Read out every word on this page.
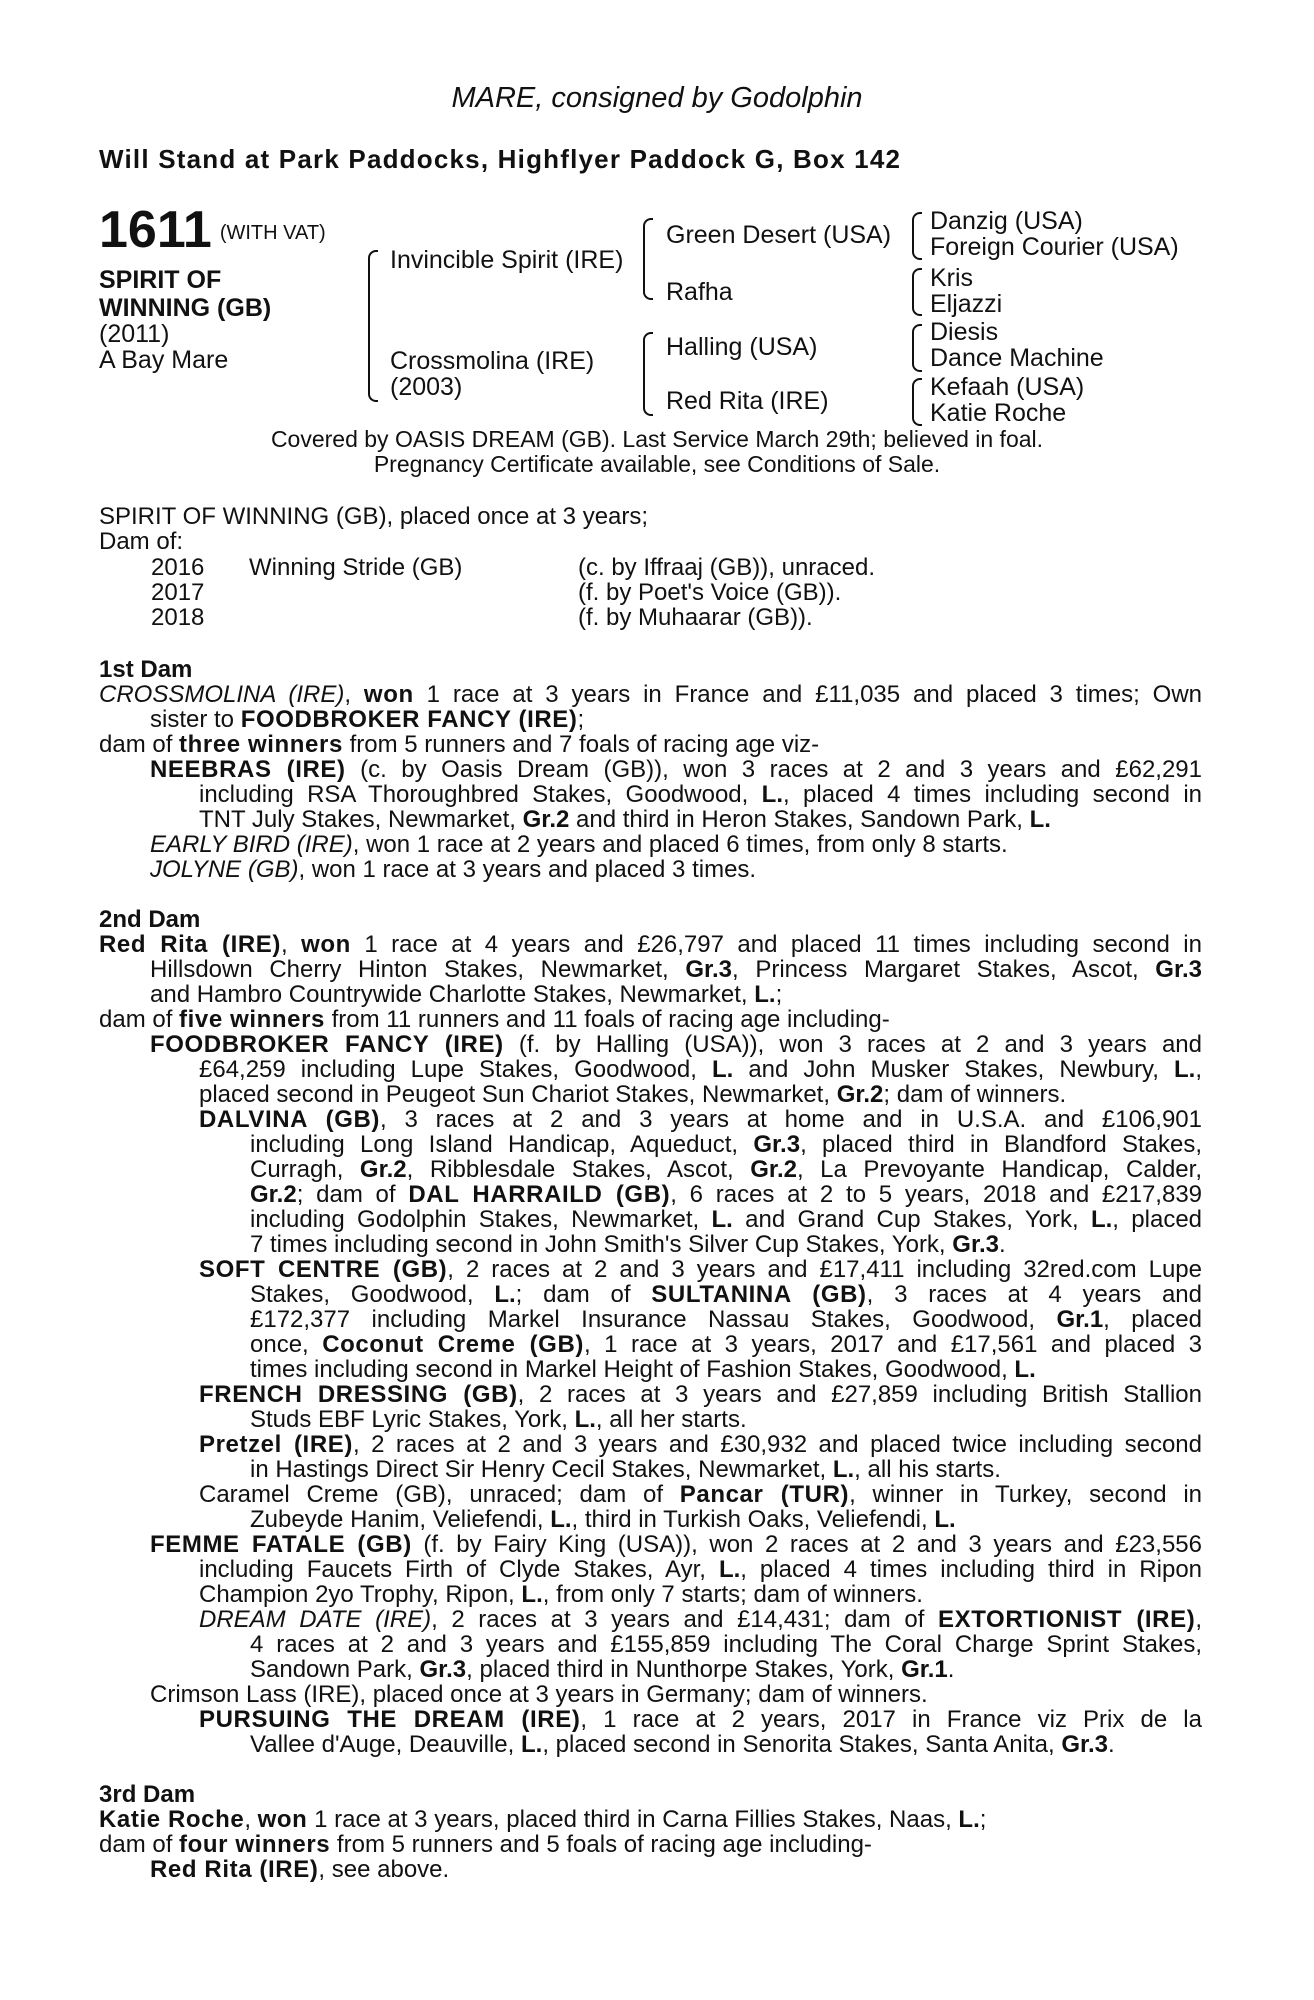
MARE, consigned by Godolphin
Will Stand at Park Paddocks, Highflyer Paddock G, Box 142
1611 (WITH VAT)
SPIRIT OF
WINNING (GB)
(2011)
A Bay Mare
Invincible Spirit (IRE)
Crossmolina (IRE)
(2003)
Green Desert (USA)
Rafha
Halling (USA)
Red Rita (IRE)
Danzig (USA)
Foreign Courier (USA)
Kris
Eljazzi
Diesis
Dance Machine
Kefaah (USA)
Katie Roche
Covered by OASIS DREAM (GB). Last Service March 29th; believed in foal.
Pregnancy Certificate available, see Conditions of Sale.
SPIRIT OF WINNING (GB), placed once at 3 years;
Dam of:
2016 Winning Stride (GB)	(c. by Iffraaj (GB)), unraced.
2017	(f. by Poet's Voice (GB)).
2018	(f. by Muhaarar (GB)).
1st Dam
CROSSMOLINA (IRE), won 1 race at 3 years in France and £11,035 and placed 3 times; Own
sister to FOODBROKER FANCY (IRE);
dam of three winners from 5 runners and 7 foals of racing age viz-
NEEBRAS (IRE) (c. by Oasis Dream (GB)), won 3 races at 2 and 3 years and £62,291
including RSA Thoroughbred Stakes, Goodwood, L., placed 4 times including second in
TNT July Stakes, Newmarket, Gr.2 and third in Heron Stakes, Sandown Park, L.
EARLY BIRD (IRE), won 1 race at 2 years and placed 6 times, from only 8 starts.
JOLYNE (GB), won 1 race at 3 years and placed 3 times.
2nd Dam
Red Rita (IRE), won 1 race at 4 years and £26,797 and placed 11 times including second in
Hillsdown Cherry Hinton Stakes, Newmarket, Gr.3, Princess Margaret Stakes, Ascot, Gr.3
and Hambro Countrywide Charlotte Stakes, Newmarket, L.;
dam of five winners from 11 runners and 11 foals of racing age including-
FOODBROKER FANCY (IRE) (f. by Halling (USA)), won 3 races at 2 and 3 years and
£64,259 including Lupe Stakes, Goodwood, L. and John Musker Stakes, Newbury, L.,
placed second in Peugeot Sun Chariot Stakes, Newmarket, Gr.2; dam of winners.
DALVINA (GB), 3 races at 2 and 3 years at home and in U.S.A. and £106,901
including Long Island Handicap, Aqueduct, Gr.3, placed third in Blandford Stakes,
Curragh, Gr.2, Ribblesdale Stakes, Ascot, Gr.2, La Prevoyante Handicap, Calder,
Gr.2; dam of DAL HARRAILD (GB), 6 races at 2 to 5 years, 2018 and £217,839
including Godolphin Stakes, Newmarket, L. and Grand Cup Stakes, York, L., placed
7 times including second in John Smith's Silver Cup Stakes, York, Gr.3.
SOFT CENTRE (GB), 2 races at 2 and 3 years and £17,411 including 32red.com Lupe
Stakes, Goodwood, L.; dam of SULTANINA (GB), 3 races at 4 years and
£172,377 including Markel Insurance Nassau Stakes, Goodwood, Gr.1, placed
once, Coconut Creme (GB), 1 race at 3 years, 2017 and £17,561 and placed 3
times including second in Markel Height of Fashion Stakes, Goodwood, L.
FRENCH DRESSING (GB), 2 races at 3 years and £27,859 including British Stallion
Studs EBF Lyric Stakes, York, L., all her starts.
Pretzel (IRE), 2 races at 2 and 3 years and £30,932 and placed twice including second
in Hastings Direct Sir Henry Cecil Stakes, Newmarket, L., all his starts.
Caramel Creme (GB), unraced; dam of Pancar (TUR), winner in Turkey, second in
Zubeyde Hanim, Veliefendi, L., third in Turkish Oaks, Veliefendi, L.
FEMME FATALE (GB) (f. by Fairy King (USA)), won 2 races at 2 and 3 years and £23,556
including Faucets Firth of Clyde Stakes, Ayr, L., placed 4 times including third in Ripon
Champion 2yo Trophy, Ripon, L., from only 7 starts; dam of winners.
DREAM DATE (IRE), 2 races at 3 years and £14,431; dam of EXTORTIONIST (IRE),
4 races at 2 and 3 years and £155,859 including The Coral Charge Sprint Stakes,
Sandown Park, Gr.3, placed third in Nunthorpe Stakes, York, Gr.1.
Crimson Lass (IRE), placed once at 3 years in Germany; dam of winners.
PURSUING THE DREAM (IRE), 1 race at 2 years, 2017 in France viz Prix de la
Vallee d'Auge, Deauville, L., placed second in Senorita Stakes, Santa Anita, Gr.3.
3rd Dam
Katie Roche, won 1 race at 3 years, placed third in Carna Fillies Stakes, Naas, L.;
dam of four winners from 5 runners and 5 foals of racing age including-
Red Rita (IRE), see above.
